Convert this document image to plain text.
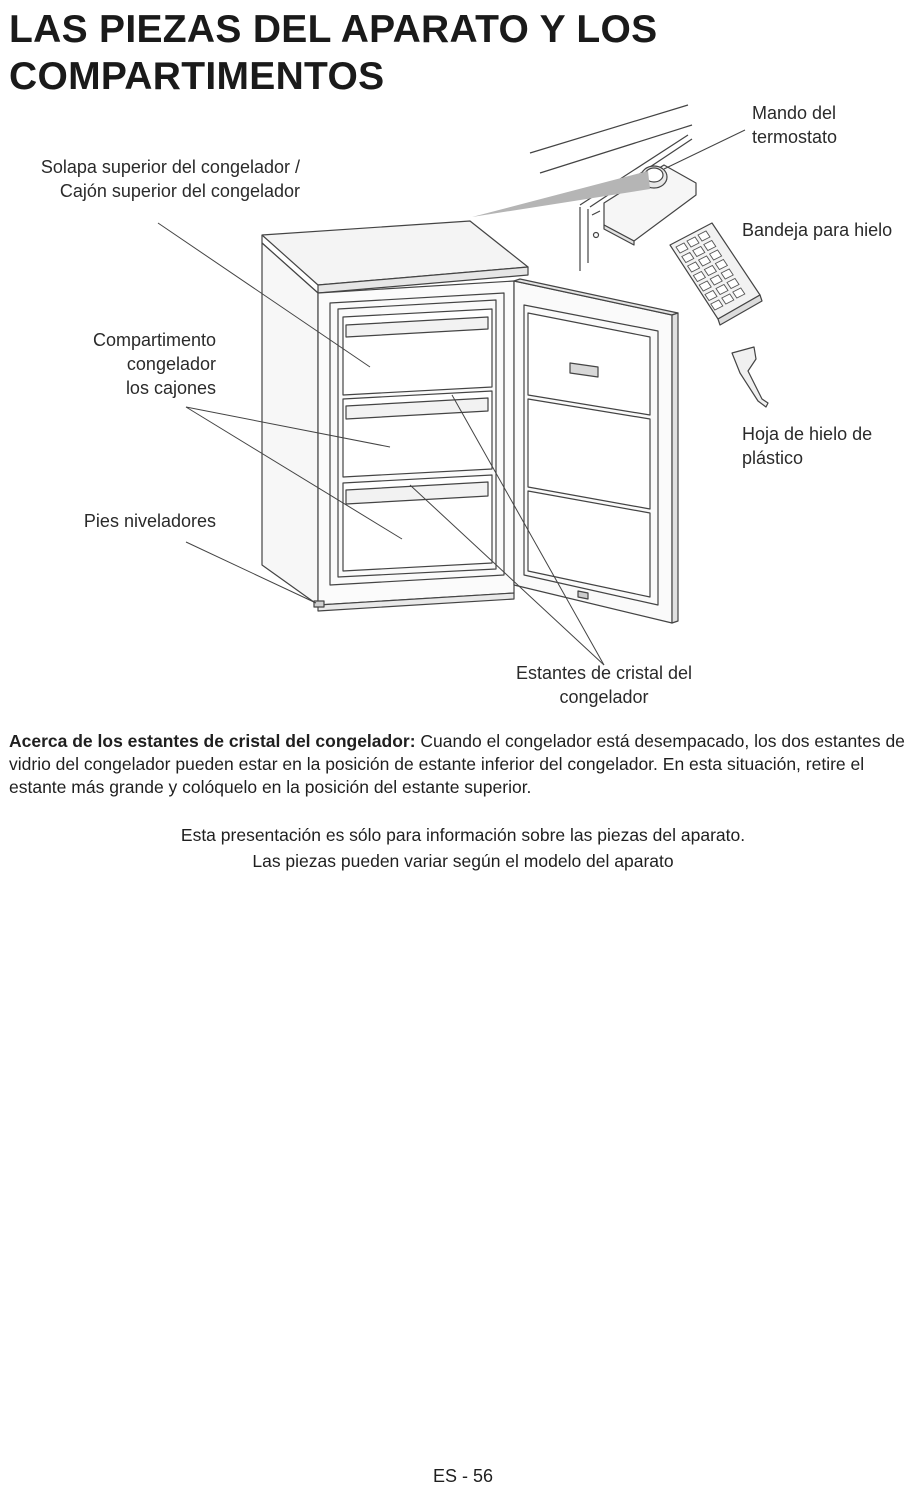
LAS PIEZAS DEL APARATO Y LOS
COMPARTIMENTOS
Mando del
termostato
Solapa superior del congelador /
Cajón superior del congelador
Bandeja para hielo
Compartimento
congelador
los cajones
Hoja de hielo de
plástico
Pies niveladores
Estantes de cristal del
congelador

Acerca de los estantes de cristal del congelador: Cuando el congelador está desempacado, los dos estantes de vidrio del congelador pueden estar en la posición de estante inferior del congelador. En esta situación, retire el estante más grande y colóquelo en la posición del estante superior.

Esta presentación es sólo para información sobre las piezas del aparato.
Las piezas pueden variar según el modelo del aparato
ES - 56
